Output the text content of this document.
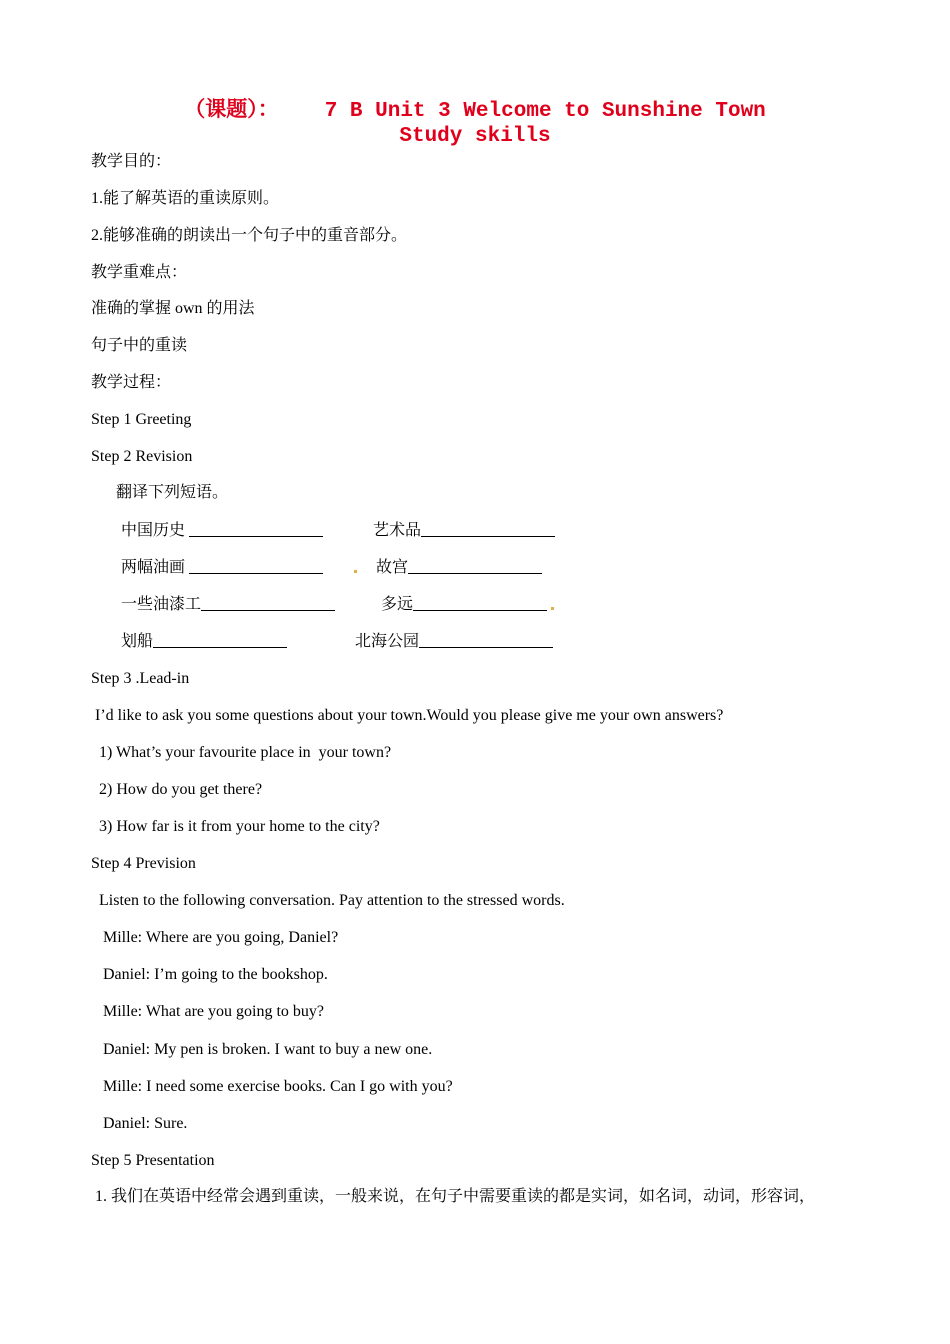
（课题）： 7 B Unit 3 Welcome to Sunshine Town
Study skills
教学目的：
1.能了解英语的重读原则。
2.能够准确的朗读出一个句子中的重音部分。
教学重难点：
准确的掌握 own 的用法
句子中的重读
教学过程：
Step 1 Greeting
Step 2 Revision
翻译下列短语。
中国历史	艺术品
两幅油画	故宫
一些油漆工	多远
划船	北海公园
Step 3 .Lead-in
I’d like to ask you some questions about your town.Would you please give me your own answers?
1) What’s your favourite place in  your town?
2) How do you get there?
3) How far is it from your home to the city?
Step 4 Prevision
Listen to the following conversation. Pay attention to the stressed words.
Mille: Where are you going, Daniel?
Daniel: I’m going to the bookshop.
Mille: What are you going to buy?
Daniel: My pen is broken. I want to buy a new one.
Mille: I need some exercise books. Can I go with you?
Daniel: Sure.
Step 5 Presentation
1. 我们在英语中经常会遇到重读，一般来说，在句子中需要重读的都是实词，如名词，动词，形容词，
